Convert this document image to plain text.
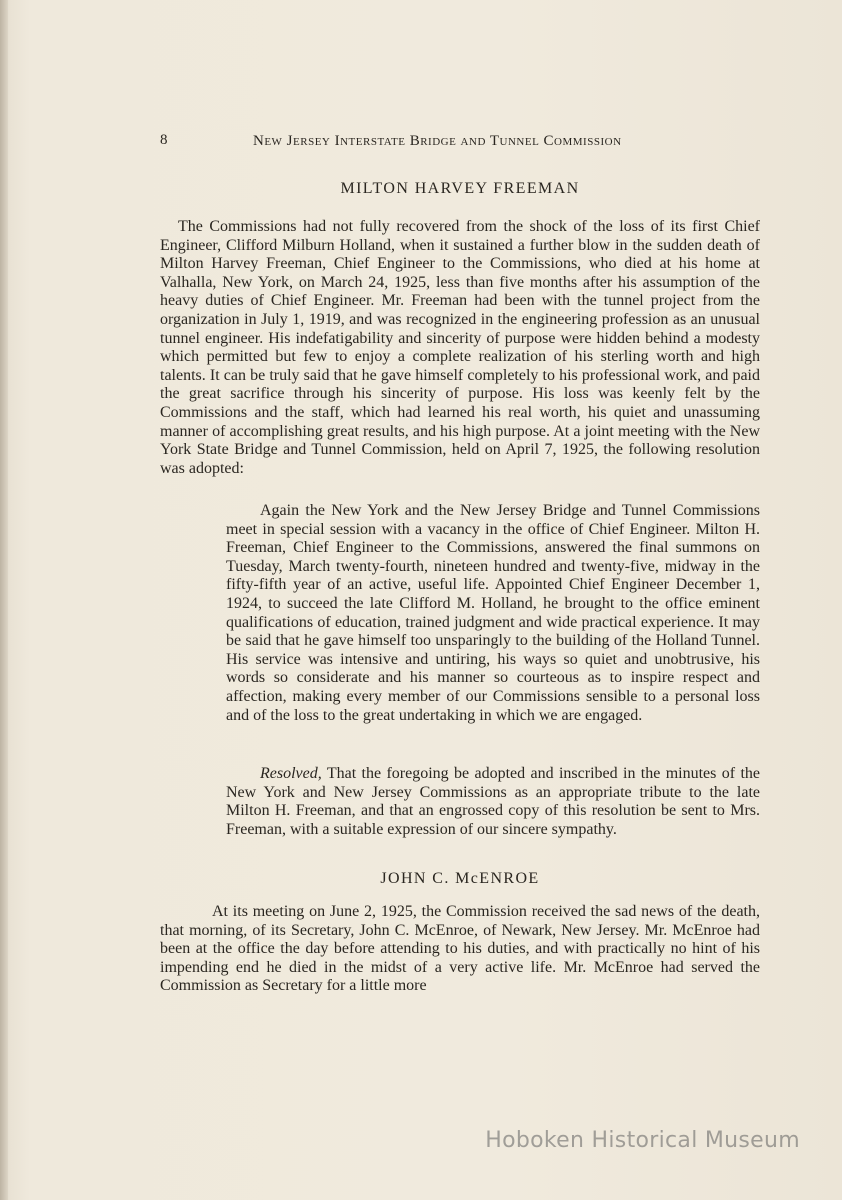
8	New Jersey Interstate Bridge and Tunnel Commission
MILTON HARVEY FREEMAN

The Commissions had not fully recovered from the shock of the loss of its first Chief Engineer, Clifford Milburn Holland, when it sustained a further blow in the sudden death of Milton Harvey Freeman, Chief Engineer to the Commissions, who died at his home at Valhalla, New York, on March 24, 1925, less than five months after his assumption of the heavy duties of Chief Engineer. Mr. Freeman had been with the tunnel project from the organization in July 1, 1919, and was recognized in the engineering profession as an unusual tunnel engineer. His indefatigability and sincerity of purpose were hidden behind a modesty which permitted but few to enjoy a complete realization of his sterling worth and high talents. It can be truly said that he gave himself completely to his professional work, and paid the great sacrifice through his sincerity of purpose. His loss was keenly felt by the Commissions and the staff, which had learned his real worth, his quiet and unassuming manner of accomplishing great results, and his high purpose. At a joint meeting with the New York State Bridge and Tunnel Commission, held on April 7, 1925, the following resolution was adopted:

Again the New York and the New Jersey Bridge and Tunnel Commissions meet in special session with a vacancy in the office of Chief Engineer. Milton H. Freeman, Chief Engineer to the Commissions, answered the final summons on Tuesday, March twenty-fourth, nineteen hundred and twenty-five, midway in the fifty-fifth year of an active, useful life. Appointed Chief Engineer December 1, 1924, to succeed the late Clifford M. Holland, he brought to the office eminent qualifications of education, trained judgment and wide practical experience. It may be said that he gave himself too unsparingly to the building of the Holland Tunnel. His service was intensive and untiring, his ways so quiet and unobtrusive, his words so considerate and his manner so courteous as to inspire respect and affection, making every member of our Commissions sensible to a personal loss and of the loss to the great undertaking in which we are engaged.

Resolved, That the foregoing be adopted and inscribed in the minutes of the New York and New Jersey Commissions as an appropriate tribute to the late Milton H. Freeman, and that an engrossed copy of this resolution be sent to Mrs. Freeman, with a suitable expression of our sincere sympathy.

JOHN C. McENROE

At its meeting on June 2, 1925, the Commission received the sad news of the death, that morning, of its Secretary, John C. McEnroe, of Newark, New Jersey. Mr. McEnroe had been at the office the day before attending to his duties, and with practically no hint of his impending end he died in the midst of a very active life. Mr. McEnroe had served the Commission as Secretary for a little more

Hoboken Historical Museum
